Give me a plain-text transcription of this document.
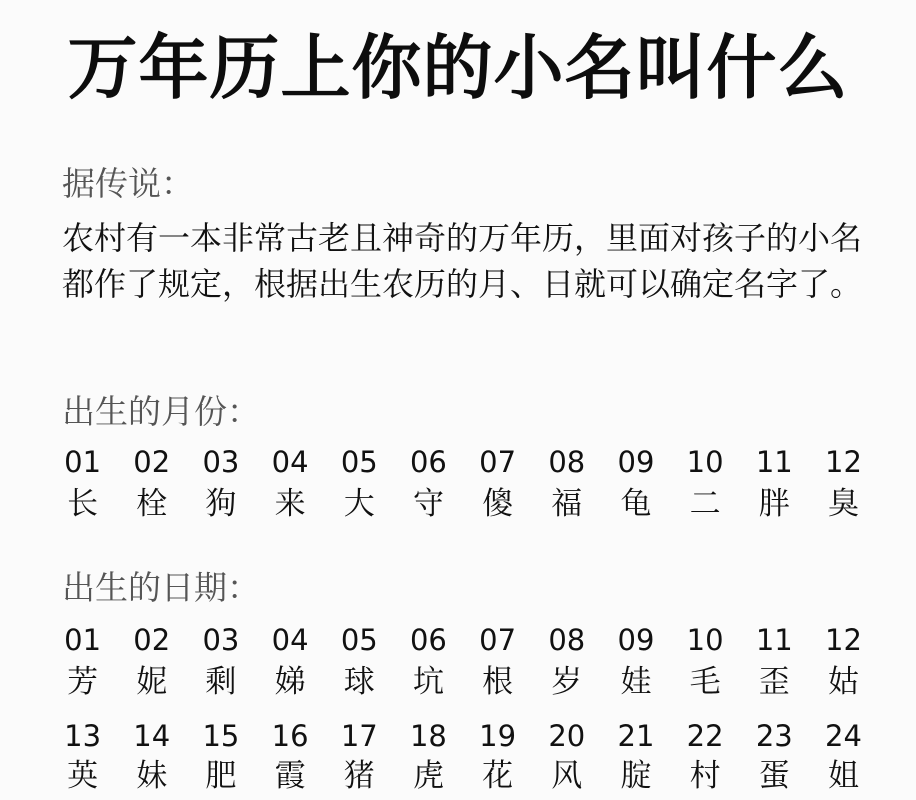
万年历上你的小名叫什么
据传说：
农村有一本非常古老且神奇的万年历，里面对孩子的小名都作了规定，根据出生农历的月、日就可以确定名字了。
出生的月份：
01	02	03	04	05	06	07	08	09	10	11	12
长	栓	狗	来	大	守	傻	福	龟	二	胖	臭
出生的日期：
01	02	03	04	05	06	07	08	09	10	11	12
芳	妮	剩	娣	球	坑	根	岁	娃	毛	歪	姑
13	14	15	16	17	18	19	20	21	22	23	24
英	妹	肥	霞	猪	虎	花	风	腚	村	蛋	姐
